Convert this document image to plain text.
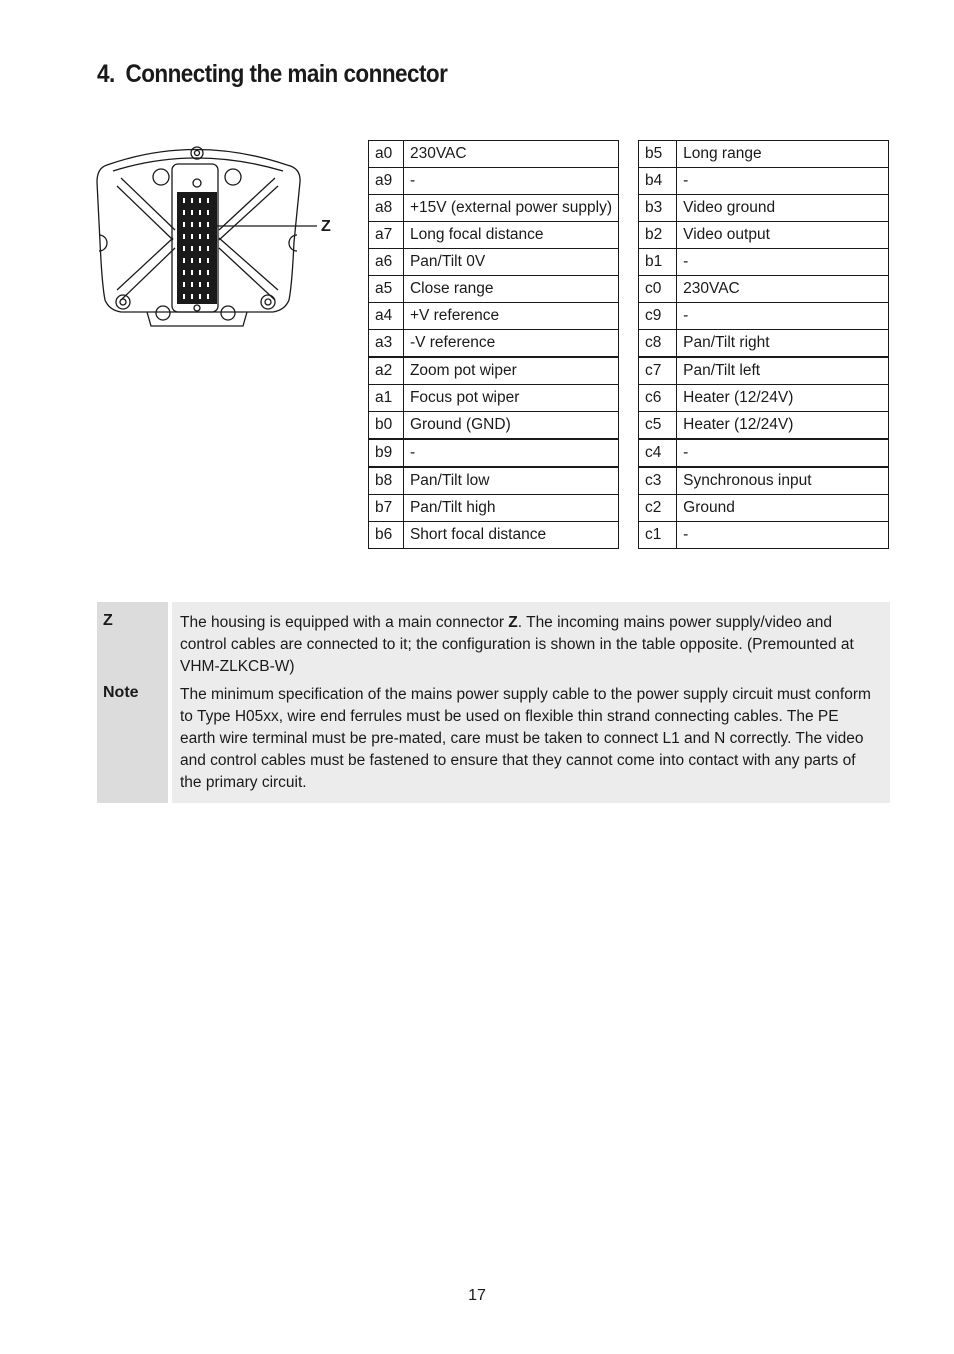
4. Connecting the main connector
Z
a0	230VAC
a9	-
a8	+15V (external power supply)
a7	Long focal distance
a6	Pan/Tilt 0V
a5	Close range
a4	+V reference
a3	-V reference
a2	Zoom pot wiper
a1	Focus pot wiper
b0	Ground (GND)
b9	-
b8	Pan/Tilt low
b7	Pan/Tilt high
b6	Short focal distance
b5	Long range
b4	-
b3	Video ground
b2	Video output
b1	-
c0	230VAC
c9	-
c8	Pan/Tilt right
c7	Pan/Tilt left
c6	Heater (12/24V)
c5	Heater (12/24V)
c4	-
c3	Synchronous input
c2	Ground
c1	-
Z
Note

The housing is equipped with a main connector Z. The incoming mains power supply/video and control cables are connected to it; the configuration is shown in the table opposite. (Premounted at VHM-ZLKCB-W)

The minimum specification of the mains power supply cable to the power supply circuit must conform to Type H05xx, wire end ferrules must be used on flexible thin strand connecting cables. The PE earth wire terminal must be pre-mated, care must be taken to connect L1 and N correctly. The video and control cables must be fastened to ensure that they cannot come into contact with any parts of the primary circuit.

17
